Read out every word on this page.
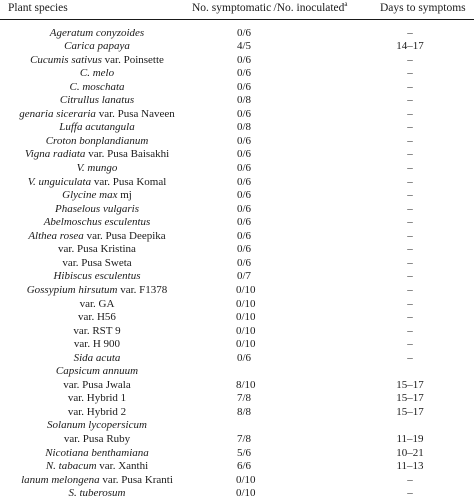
Plant species	No. symptomatic /No. inoculated$^a$	Days to symptoms
Ageratum conyzoides	0/6	–
Carica papaya	4/5	14–17
Cucumis sativus var. Poinsette	0/6	–
C. melo	0/6	–
C. moschata	0/6	–
Citrullus lanatus	0/8	–
genaria siceraria var. Pusa Naveen	0/6	–
Luffa acutangula	0/8	–
Croton bonplandianum	0/6	–
Vigna radiata var. Pusa Baisakhi	0/6	–
V. mungo	0/6	–
V. unguiculata var. Pusa Komal	0/6	–
Glycine max mj	0/6	–
Phaselous vulgaris	0/6	–
Abelmoschus esculentus	0/6	–
Althea rosea var. Pusa Deepika	0/6	–
var. Pusa Kristina	0/6	–
var. Pusa Sweta	0/6	–
Hibiscus esculentus	0/7	–
Gossypium hirsutum var. F1378	0/10	–
var. GA	0/10	–
var. H56	0/10	–
var. RST 9	0/10	–
var. H 900	0/10	–
Sida acuta	0/6	–
Capsicum annuum
var. Pusa Jwala	8/10	15–17
var. Hybrid 1	7/8	15–17
var. Hybrid 2	8/8	15–17
Solanum lycopersicum
var. Pusa Ruby	7/8	11–19
Nicotiana benthamiana	5/6	10–21
N. tabacum var. Xanthi	6/6	11–13
lanum melongena var. Pusa Kranti	0/10	–
S. tuberosum	0/10	–
